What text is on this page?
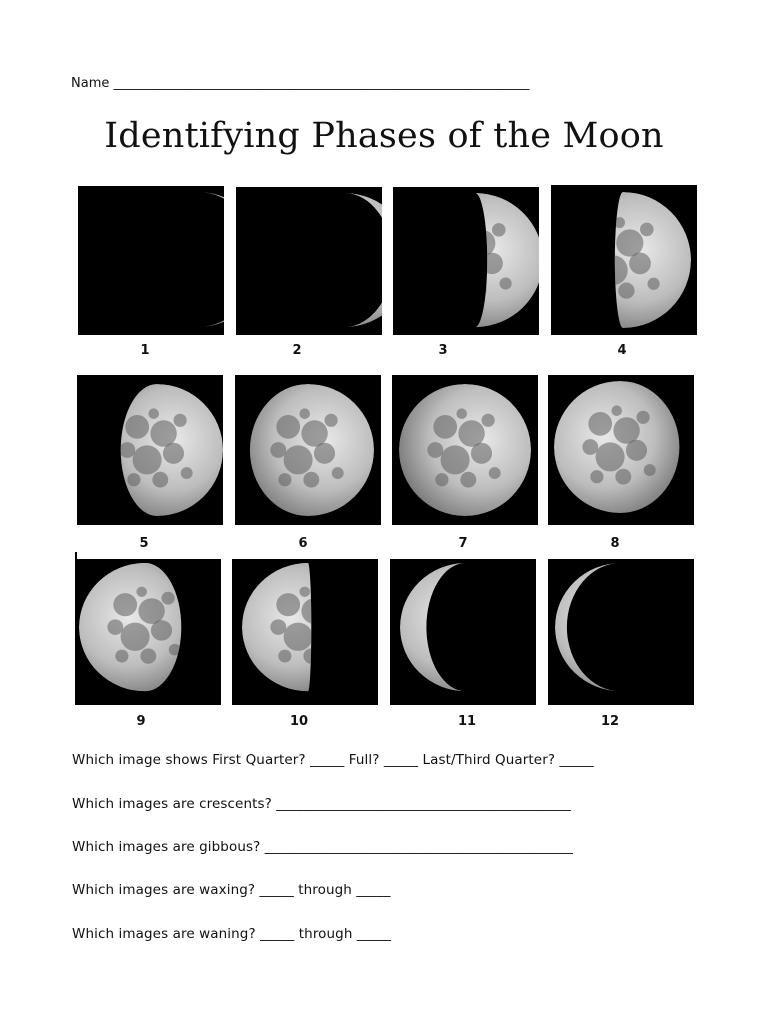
Name ________________________________________________________________
Identifying Phases of the Moon
1	2	3	4
5	6	7	8
9	10	11	12
Which image shows First Quarter? _____ Full? _____ Last/Third Quarter? _____
Which images are crescents? ___________________________________________
Which images are gibbous? _____________________________________________
Which images are waxing? _____ through _____
Which images are waning? _____ through _____
